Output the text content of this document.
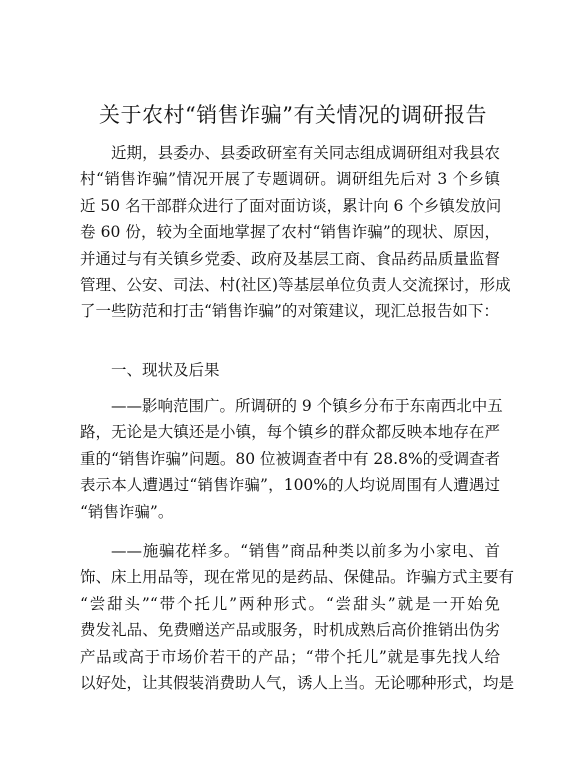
关于农村“销售诈骗”有关情况的调研报告

近期，县委办、县委政研室有关同志组成调研组对我县农
村“销售诈骗”情况开展了专题调研。调研组先后对 3 个乡镇
近 50 名干部群众进行了面对面访谈，累计向 6 个乡镇发放问
卷 60 份，较为全面地掌握了农村“销售诈骗”的现状、原因，
并通过与有关镇乡党委、政府及基层工商、食品药品质量监督
管理、公安、司法、村(社区)等基层单位负责人交流探讨，形成
了一些防范和打击“销售诈骗”的对策建议，现汇总报告如下：

一、现状及后果

——影响范围广。所调研的 9 个镇乡分布于东南西北中五
路，无论是大镇还是小镇，每个镇乡的群众都反映本地存在严
重的“销售诈骗”问题。80 位被调查者中有 28.8%的受调查者
表示本人遭遇过“销售诈骗”，100%的人均说周围有人遭遇过
“销售诈骗”。

——施骗花样多。“销售”商品种类以前多为小家电、首
饰、床上用品等，现在常见的是药品、保健品。诈骗方式主要有
“尝甜头”“带个托儿”两种形式。“尝甜头”就是一开始免
费发礼品、免费赠送产品或服务，时机成熟后高价推销出伪劣
产品或高于市场价若干的产品；“带个托儿”就是事先找人给
以好处，让其假装消费助人气，诱人上当。无论哪种形式，均是
